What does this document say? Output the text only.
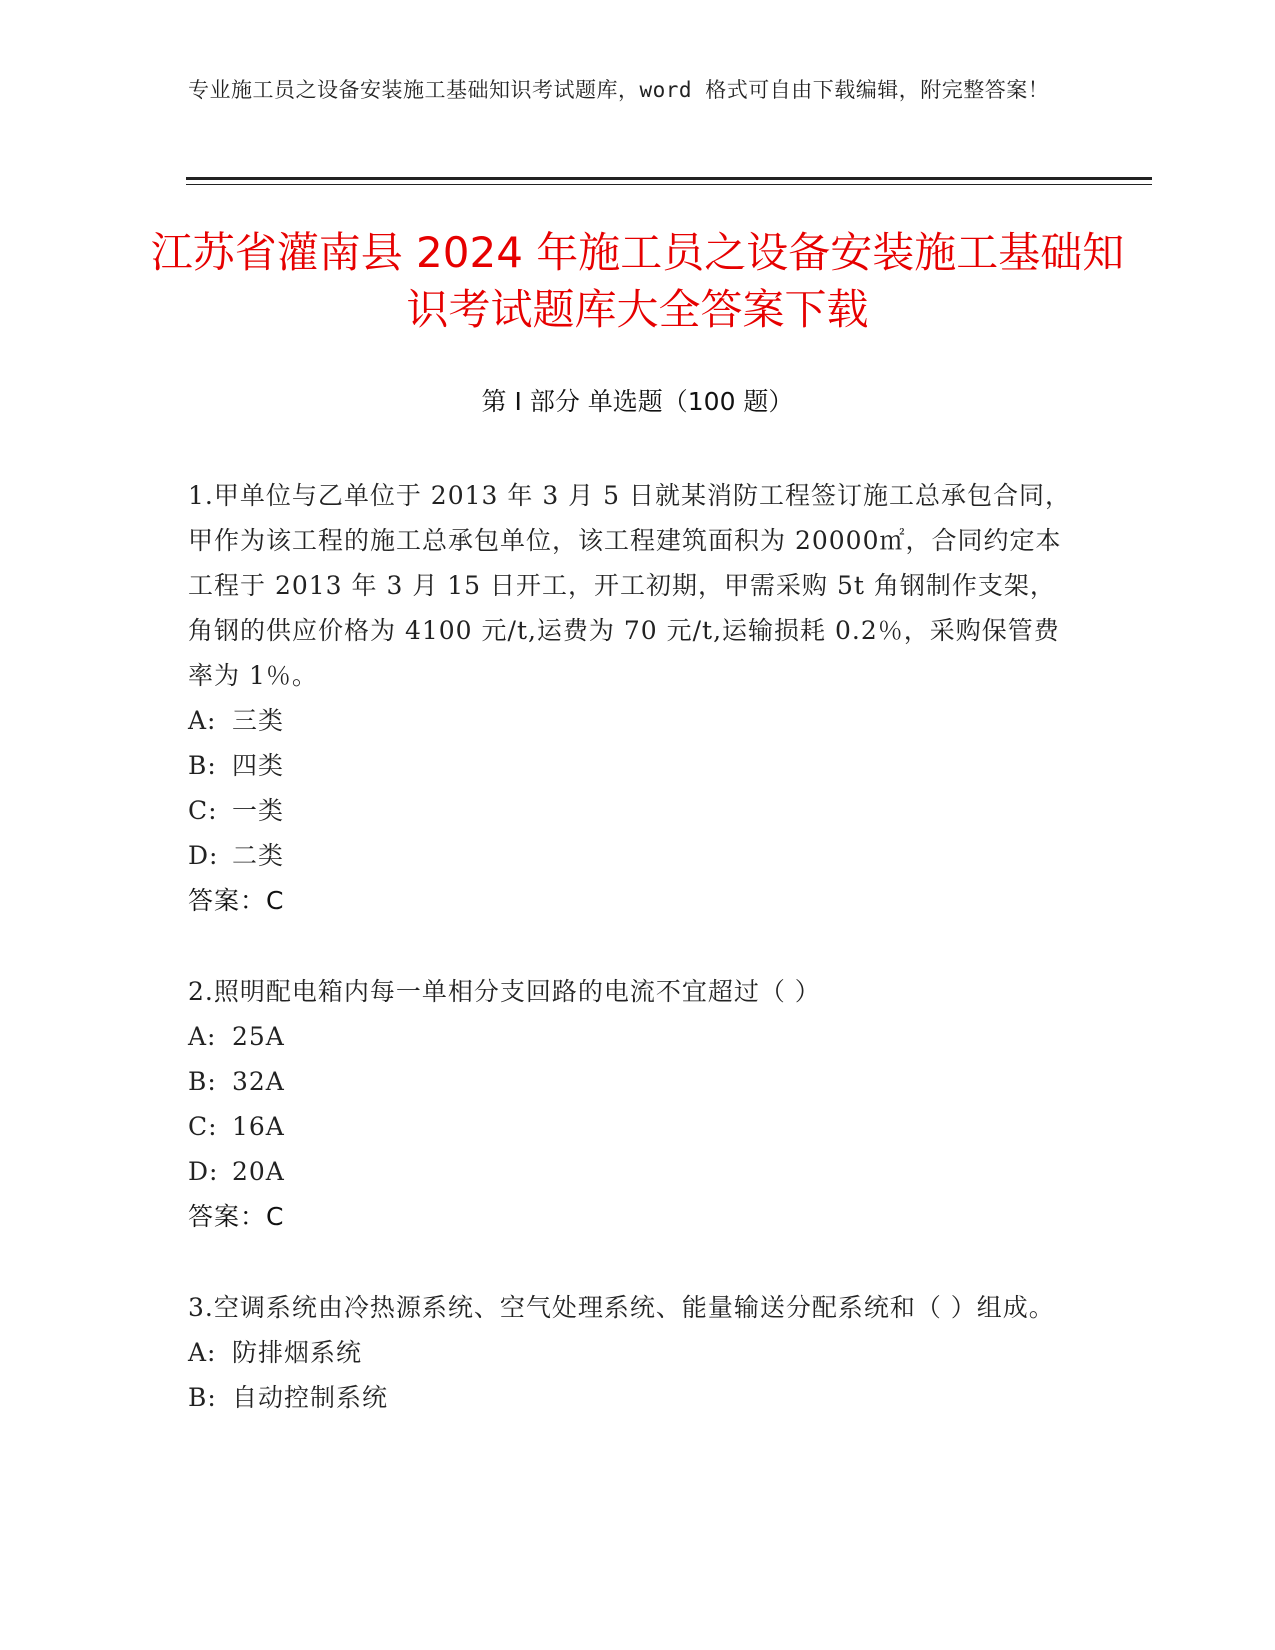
专业施工员之设备安装施工基础知识考试题库，word 格式可自由下载编辑，附完整答案！
江苏省灌南县 2024 年施工员之设备安装施工基础知识考试题库大全答案下载
第 I 部分 单选题（100 题）
1.甲单位与乙单位于 2013 年 3 月 5 日就某消防工程签订施工总承包合同，甲作为该工程的施工总承包单位，该工程建筑面积为 20000㎡，合同约定本工程于 2013 年 3 月 15 日开工，开工初期，甲需采购 5t 角钢制作支架，角钢的供应价格为 4100 元/t,运费为 70 元/t,运输损耗 0.2％，采购保管费率为 1％。
A: 三类
B: 四类
C: 一类
D: 二类
答案：C
2.照明配电箱内每一单相分支回路的电流不宜超过（ ）
A: 25A
B: 32A
C: 16A
D: 20A
答案：C
3.空调系统由冷热源系统、空气处理系统、能量输送分配系统和（ ）组成。
A: 防排烟系统
B: 自动控制系统
